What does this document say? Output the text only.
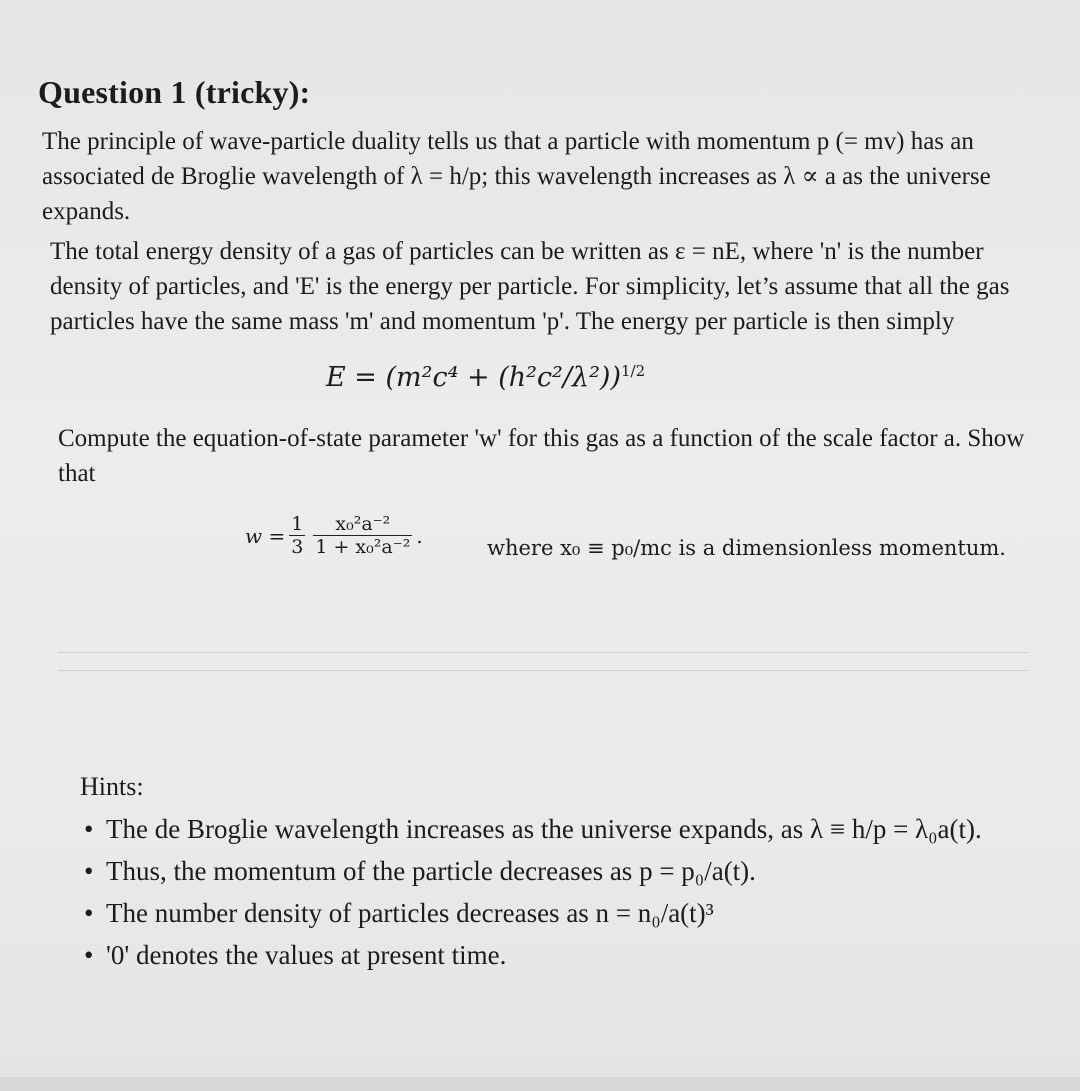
Question 1 (tricky):
The principle of wave-particle duality tells us that a particle with momentum p (= mv) has an associated de Broglie wavelength of λ = h/p; this wavelength increases as λ ∝ a as the universe expands.
The total energy density of a gas of particles can be written as ε = nE, where 'n' is the number density of particles, and 'E' is the energy per particle. For simplicity, let’s assume that all the gas particles have the same mass 'm' and momentum 'p'. The energy per particle is then simply
$E = (m^2c^4 + (h^2c^2/\lambda^2))^{1/2}$
Compute the equation-of-state parameter 'w' for this gas as a function of the scale factor a. Show that
$w = \frac{1}{3} \frac{\text{x₀²a⁻²}}{\text{1 + x₀²a⁻²}}$ .
where x₀ ≡ p₀/mc is a dimensionless momentum.
Hints:
• The de Broglie wavelength increases as the universe expands, as λ ≡ h/p = λ₀a(t).
• Thus, the momentum of the particle decreases as p = p₀/a(t).
• The number density of particles decreases as n = n₀/a(t)³
• '0' denotes the values at present time.
